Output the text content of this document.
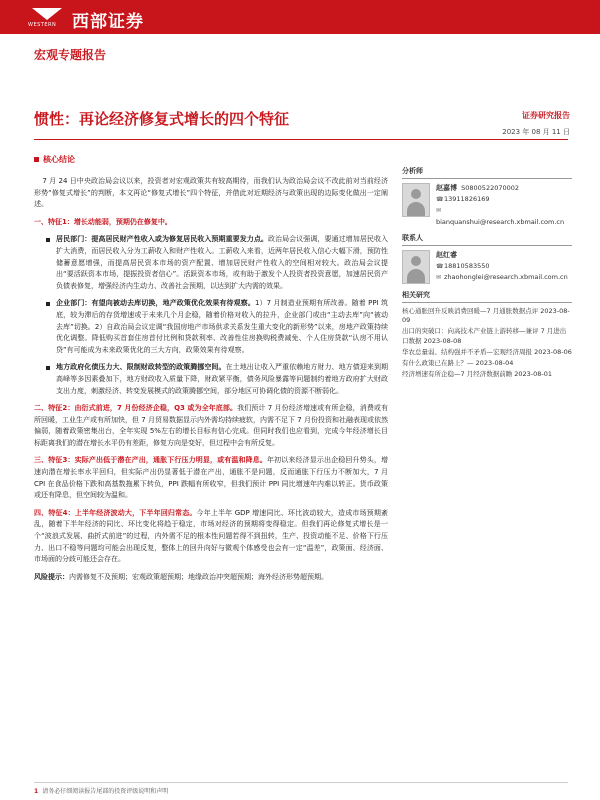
WESTERN 西部证券
宏观专题报告
惯性：再论经济修复式增长的四个特征	证券研究报告
2023 年 08 月 11 日
核心结论

7 月 24 日中央政治局会议以来，投资者对宏观政策共有较高期待，而我们认为政治局会议不改此前对当前经济形势“修复式增长”的判断，本文再论“修复式增长”四个特征，并借此对近期经济与政策出现的边际变化做出一定阐述。

一、特征1：增长动能弱，预期仍在修复中。

居民部门：提高居民财产性收入或为修复居民收入预期重要发力点。政治局会议强调，要通过增加居民收入扩大消费，而居民收入分为工薪收入和财产性收入。工薪收入来看，近两年居民收入信心大幅下滑，预防性储蓄意愿增强，而提高居民资本市场的资产配置、增加居民财产性收入的空间相对较大。政治局会议提出“要活跃资本市场，提振投资者信心”。活跃资本市场，或有助于激发个人投资者投资意愿，加速居民资产负债表修复，增强经济内生动力、改善社会预期，以达到扩大内需的效果。

企业部门：有望向被动去库切换，地产政策优化效果有待观察。1）7 月制造业预期有所改善。随着 PPI 筑底，较为滞后的存货增速或于未来几个月企稳，随着价格对收入的拉升，企业部门或由“主动去库”向“被动去库”切换。2）自政治局会议定调“我国房地产市场供求关系发生重大变化的新形势”以来，房地产政策持续优化调整。降低购买首套住房首付比例和贷款利率、改善性住房换购税费减免、个人住房贷款“认房不用认贷”有可能成为未来政策优化的三大方向，政策效果有待观察。

地方政府化债压力大、限制财政转型的政策腾挪空间。在土地出让收入严重依赖地方财力、地方债迎来到期高峰等多因素叠加下，地方财政收入质量下降，财政紧平衡，债务风险暴露等问题制约着地方政府扩大财政支出力度，刺激经济、转变发展模式的政策腾挪空间，部分地区可协调化债的资源不断弱化。

二、特征2：由衍式前进，7 月份经济企稳，Q3 或为全年底部。我们预计 7 月份经济增速或有所企稳，消费或有所回暖，工业生产或有所加快，但 7 月贸易数据显示内外需均持续疲软，内需不足下 7 月份投资和社融表现或依然偏弱，随着政策密集出台，全年实现 5%左右的增长目标有信心完成。但同时我们也应看到，完成今年经济增长目标距离我们的潜在增长水平仍有差距，修复方向是变好，但过程中会有所反复。

三、特征3：实际产出低于潜在产出，通胀下行压力明显，或有温和降息。年初以来经济显示出企稳回升势头，增速向潜在增长率水平回归，但实际产出仍显著低于潜在产出，通胀不是问题，反而通胀下行压力不断加大，7 月 CPI 在食品价格下跌和高基数拖累下转负，PPI 跌幅有所收窄，但我们预计 PPI 同比增速年内难以转正。货币政策或还有降息，但空间较为温和。

四、特征4：上半年经济波动大，下半年回归常态。今年上半年 GDP 增速同比、环比波动较大，造成市场预期紊乱，随着下半年经济的同比、环比变化将趋于稳定，市场对经济的预期将变得稳定。但我们再论修复式增长是一个“波浪式发展、曲折式前进”的过程，内外需不足的根本性问题若得不到扭转，生产、投资动能不足、价格下行压力、出口不稳等问题均可能会出现反复，整体上的回升向好与微观个体感受也会有一定“温差”，政策面、经济面、市场面的分歧可能还会存在。

风险提示：内需修复不及预期；宏观政策超预期；地缘政治冲突超预期；海外经济形势超预期。

分析师
赵嘉博 S0800522070002
☎13911826169
✉bianquanshui@research.xbmail.com.cn
联系人
赵红睿
☎18810583550
✉ zhaohonglei@research.xbmail.com.cn
相关研究
核心通胀回升反映消费回暖—7 月通胀数据点评 2023-08-09
出口的突破口：向高技术产业链上游转移—兼评 7 月进出口数据 2023-08-08
华农总量弱、结构强并不矛盾—宏观经济周报 2023-08-06
有什么政策已在路上？— 2023-08-04
经济增速有所企稳—7 月经济数据前瞻 2023-08-01
1 请务必仔细阅读报告尾部的投资评级说明和声明
